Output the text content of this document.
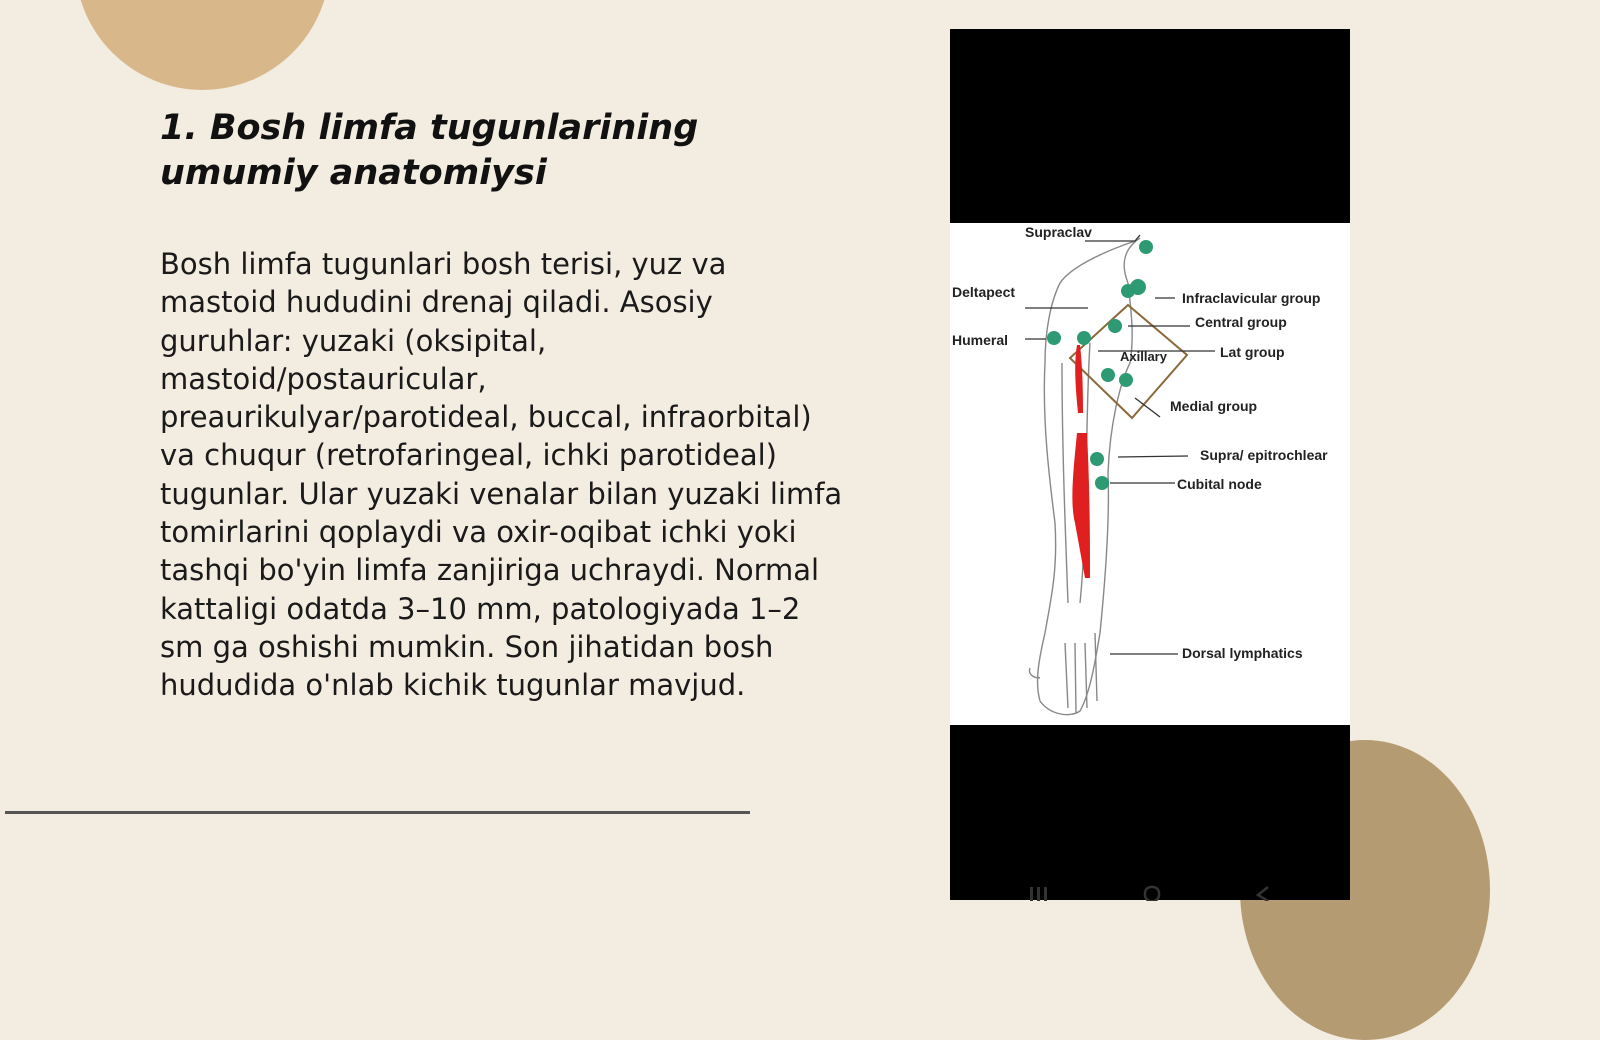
1. Bosh limfa tugunlarining umumiy anatomiysi

Bosh limfa tugunlari bosh terisi, yuz va mastoid hududini drenaj qiladi. Asosiy guruhlar: yuzaki (oksipital, mastoid/postauricular, preaurikulyar/parotideal, buccal, infraorbital) va chuqur (retrofaringeal, ichki parotideal) tugunlar. Ular yuzaki venalar bilan yuzaki limfa tomirlarini qoplaydi va oxir-oqibat ichki yoki tashqi bo'yin limfa zanjiriga uchraydi. Normal kattaligi odatda 3–10 mm, patologiyada 1–2 sm ga oshishi mumkin. Son jihatidan bosh hududida o'nlab kichik tugunlar mavjud.

Supraclav
Deltapect
Humeral
Axillary
Infraclavicular group
Central group
Lat group
Medial group
Supra/ epitrochlear
Cubital node
Dorsal lymphatics
